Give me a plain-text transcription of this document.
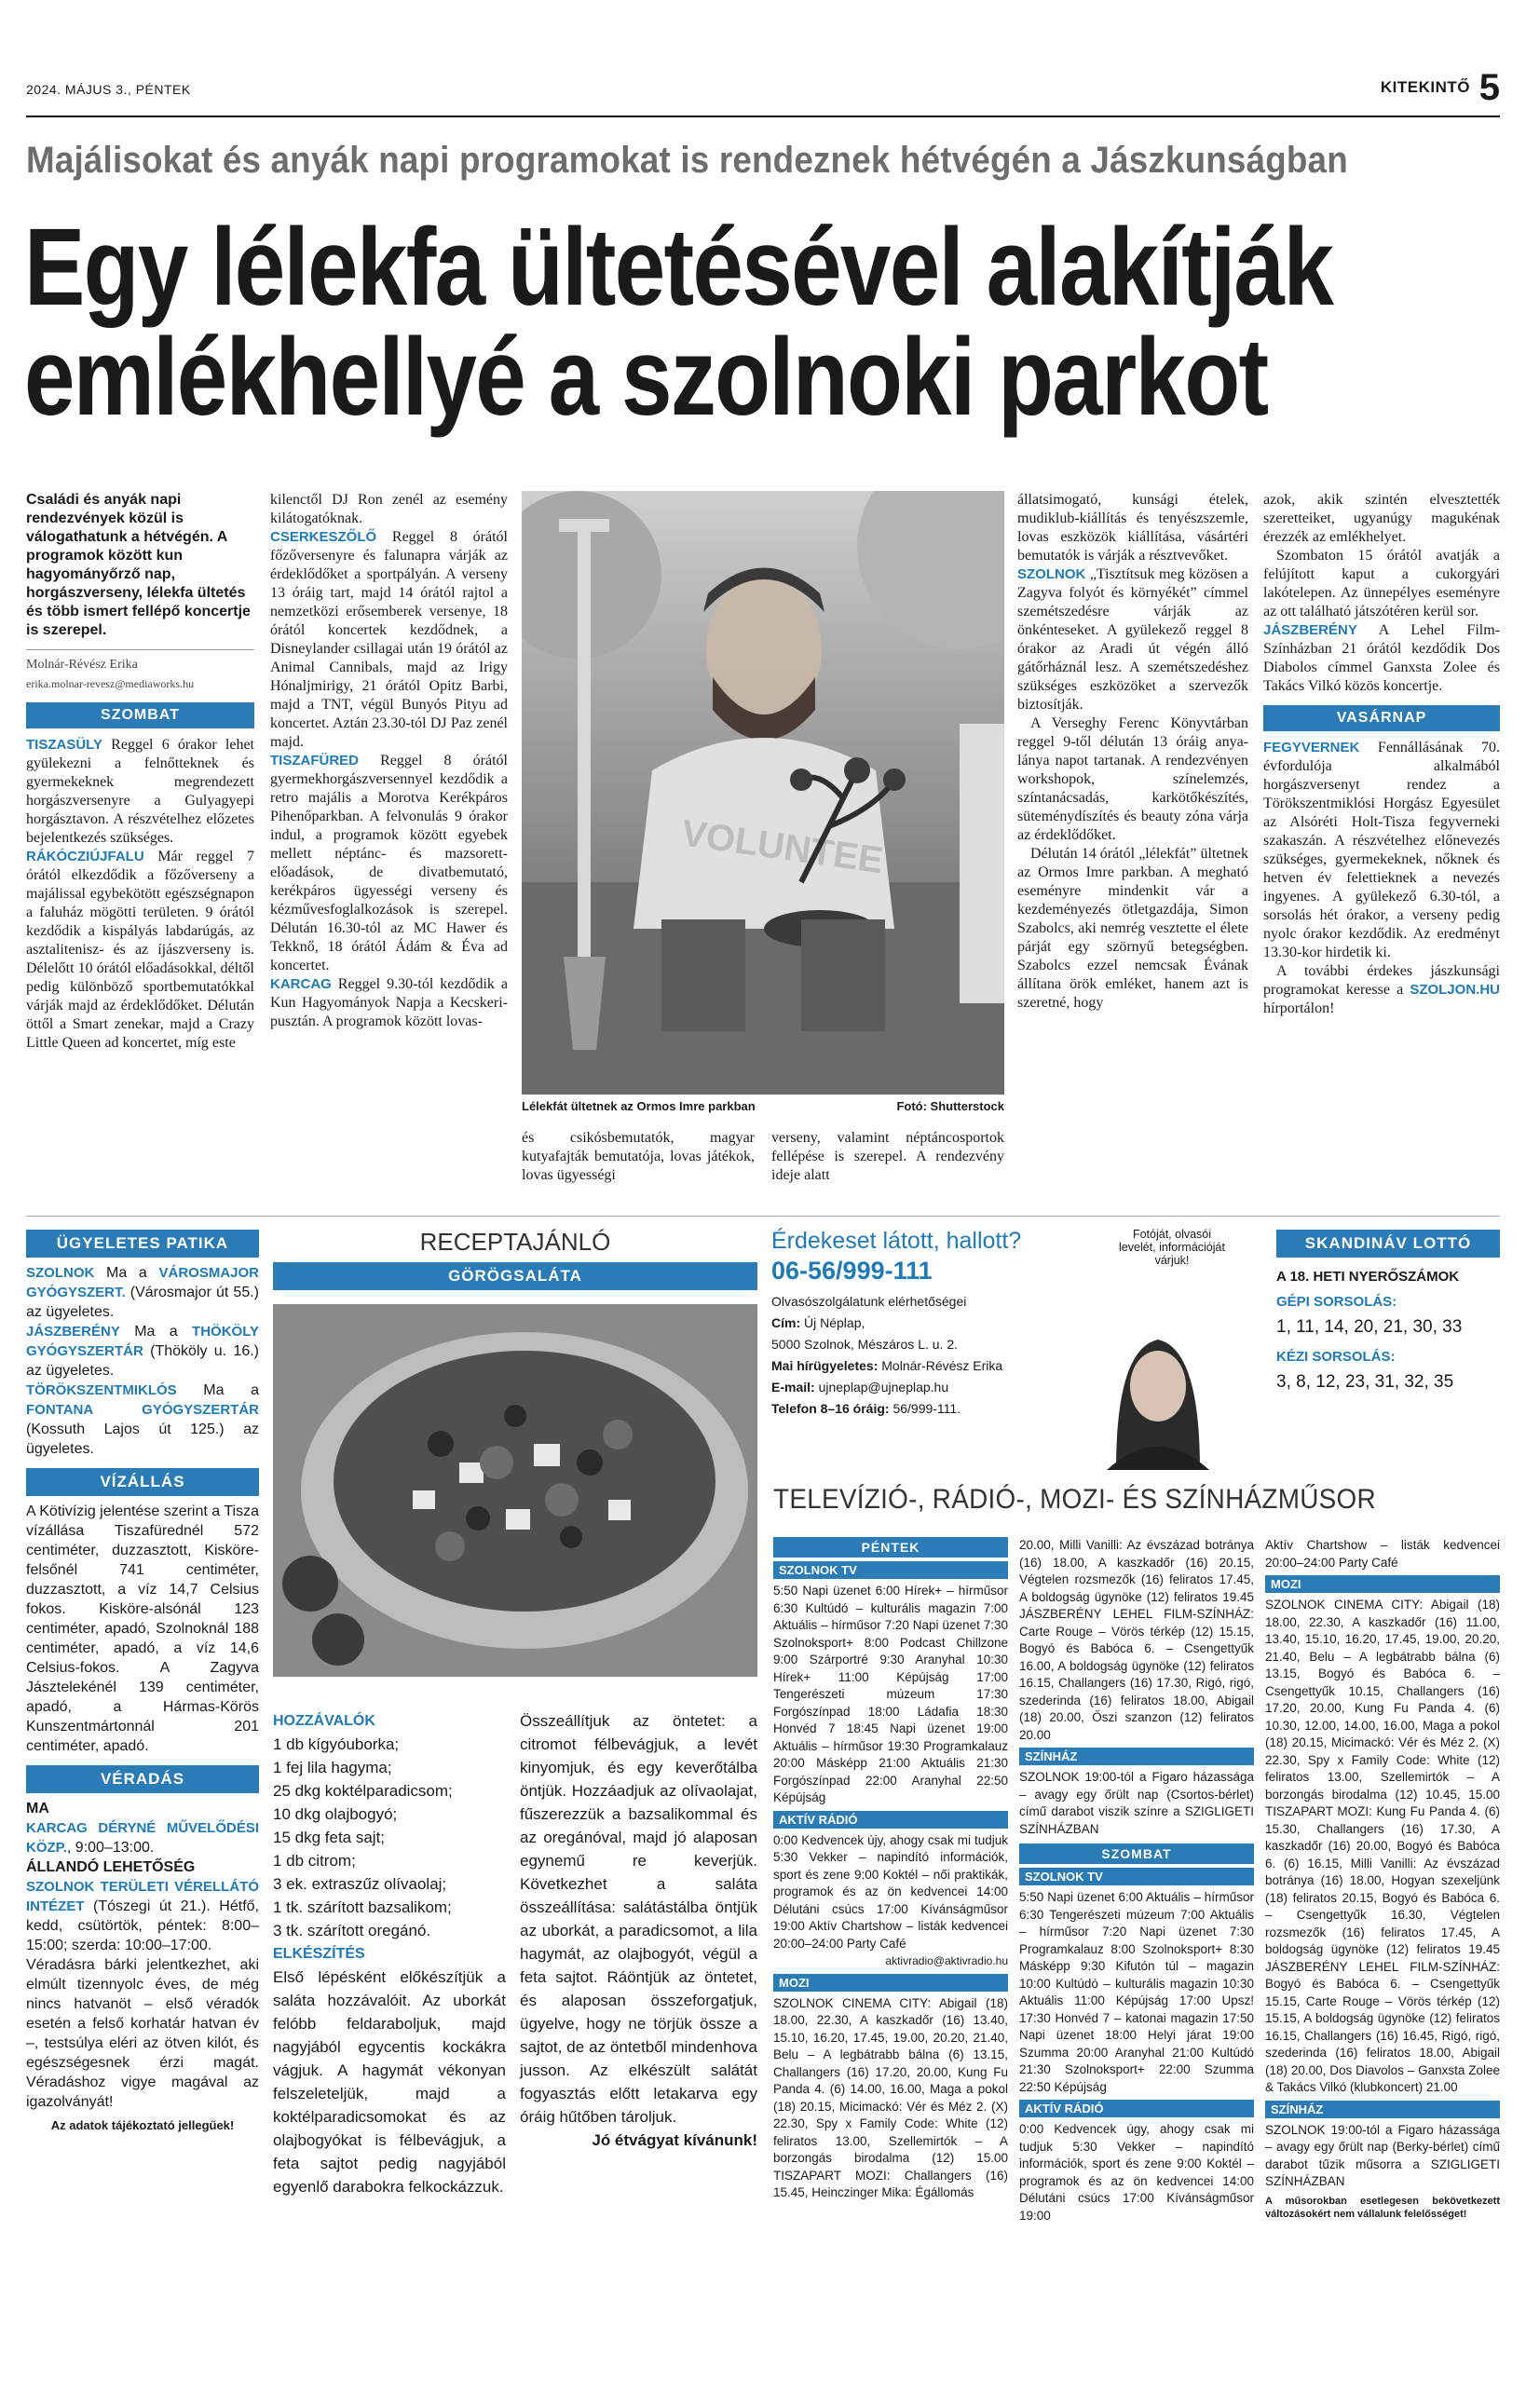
2024. MÁJUS 3., PÉNTEK	KITEKINTŐ 5
Majálisokat és anyák napi programokat is rendeznek hétvégén a Jászkunságban
Egy lélekfa ültetésével alakítják
emlékhellyé a szolnoki parkot

Családi és anyák napi rendezvények közül is válogathatunk a hétvégén. A programok között kun hagyományőrző nap, horgászverseny, lélekfa ültetés és több ismert fellépő koncertje is szerepel.

Molnár-Révész Erika
erika.molnar-revesz@mediaworks.hu
SZOMBAT

TISZASÜLY Reggel 6 órakor lehet gyülekezni a felnőtteknek és gyermekeknek megrendezett horgászversenyre a Gulyagyepi horgásztavon. A részvételhez előzetes bejelentkezés szükséges.

RÁKÓCZIÚJFALU Már reggel 7 órától elkezdődik a főzőverseny a majálissal egybekötött egészségnapon a faluház mögötti területen. 9 órától kezdődik a kispályás labdarúgás, az asztalitenisz- és az íjászverseny is. Délelőtt 10 órától előadásokkal, déltől pedig különböző sportbemutatókkal várják majd az érdeklődőket. Délután öttől a Smart zenekar, majd a Crazy Little Queen ad koncertet, míg este

kilenctől DJ Ron zenél az esemény kilátogatóknak.

CSERKESZŐLŐ Reggel 8 órától főzőversenyre és falunapra várják az érdeklődőket a sportpályán. A verseny 13 óráig tart, majd 14 órától rajtol a nemzetközi erősemberek versenye, 18 órától koncertek kezdődnek, a Disneylander csillagai után 19 órától az Animal Cannibals, majd az Irigy Hónaljmirigy, 21 órától Opitz Barbi, majd a TNT, végül Bunyós Pityu ad koncertet. Aztán 23.30-tól DJ Paz zenél majd.

TISZAFÜRED Reggel 8 órától gyermekhorgászversennyel kezdődik a retro majális a Morotva Kerékpáros Pihenőparkban. A felvonulás 9 órakor indul, a programok között egyebek mellett néptánc- és mazsorett-előadások, de divatbemutató, kerékpáros ügyességi verseny és kézművesfoglalkozások is szerepel. Délután 16.30-tól az MC Hawer és Tekknő, 18 órától Ádám & Éva ad koncertet.

KARCAG Reggel 9.30-tól kezdődik a Kun Hagyományok Napja a Kecskeri-pusztán. A programok között lovas-

VOLUNTEE
Lélekfát ültetnek az Ormos Imre parkban	Fotó: Shutterstock
és csikósbemutatók, magyar kutyafajták bemutatója, lovas játékok, lovas ügyességi
verseny, valamint néptáncosportok fellépése is szerepel. A rendezvény ideje alatt

állatsimogató, kunsági ételek, mudiklub-kiállítás és tenyészszemle, lovas eszközök kiállítása, vásártéri bemutatók is várják a résztvevőket.

SZOLNOK „Tisztítsuk meg közösen a Zagyva folyót és környékét” címmel szemétszedésre várják az önkénteseket. A gyülekező reggel 8 órakor az Aradi út végén álló gátőrháznál lesz. A szemétszedéshez szükséges eszközöket a szervezők biztosítják.

A Verseghy Ferenc Könyvtárban reggel 9-től délután 13 óráig anya-lánya napot tartanak. A rendezvényen workshopok, színelemzés, színtanácsadás, karkötőkészítés, süteménydíszítés és beauty zóna várja az érdeklődőket.

Délután 14 órától „lélekfát” ültetnek az Ormos Imre parkban. A megható eseményre mindenkit vár a kezdeményezés ötletgazdája, Simon Szabolcs, aki nemrég vesztette el élete párját egy szörnyű betegségben. Szabolcs ezzel nemcsak Évának állítana örök emléket, hanem azt is szeretné, hogy

azok, akik szintén elvesztették szeretteiket, ugyanúgy magukénak érezzék az emlékhelyet.

Szombaton 15 órától avatják a felújított kaput a cukorgyári lakótelepen. Az ünnepélyes eseményre az ott található játszótéren kerül sor.

JÁSZBERÉNY A Lehel Film-Színházban 21 órától kezdődik Dos Diabolos címmel Ganxsta Zolee és Takács Vilkó közös koncertje.

VASÁRNAP

FEGYVERNEK Fennállásának 70. évfordulója alkalmából horgászversenyt rendez a Törökszentmiklósi Horgász Egyesület az Alsóréti Holt-Tisza fegyverneki szakaszán. A részvételhez előnevezés szükséges, gyermekeknek, nőknek és hetven év felettieknek a nevezés ingyenes. A gyülekező 6.30-tól, a sorsolás hét órakor, a verseny pedig nyolc órakor kezdődik. Az eredményt 13.30-kor hirdetik ki.

A további érdekes jászkunsági programokat keresse a SZOLJON.HU hírportálon!

ÜGYELETES PATIKA

SZOLNOK Ma a VÁROSMAJOR GYÓGYSZERT. (Városmajor út 55.) az ügyeletes.

JÁSZBERÉNY Ma a THÖKÖLY GYÓGYSZERTÁR (Thököly u. 16.) az ügyeletes.

TÖRÖKSZENTMIKLÓS Ma a FONTANA GYÓGYSZERTÁR (Kossuth Lajos út 125.) az ügyeletes.

VÍZÁLLÁS

A Kötivízig jelentése szerint a Tisza vízállása Tiszafürednél 572 centiméter, duzzasztott, Kisköre-felsőnél 741 centiméter, duzzasztott, a víz 14,7 Celsius fokos. Kisköre-alsónál 123 centiméter, apadó, Szolnoknál 188 centiméter, apadó, a víz 14,6 Celsius-fokos. A Zagyva Jásztelekénél 139 centiméter, apadó, a Hármas-Körös Kunszentmártonnál 201 centiméter, apadó.

VÉRADÁS

MA

KARCAG DÉRYNÉ MŰVELŐDÉSI KÖZP., 9:00–13:00.

ÁLLANDÓ LEHETŐSÉG

SZOLNOK TERÜLETI VÉRELLÁTÓ INTÉZET (Tószegi út 21.). Hétfő, kedd, csütörtök, péntek: 8:00–15:00; szerda: 10:00–17:00.

Véradásra bárki jelentkezhet, aki elmúlt tizennyolc éves, de még nincs hatvanöt – első véradók esetén a felső korhatár hatvan év –, testsúlya eléri az ötven kilót, és egészségesnek érzi magát. Véradáshoz vigye magával az igazolványát!

Az adatok tájékoztató jellegűek!

RECEPTAJÁNLÓ
GÖRÖGSALÁTA
HOZZÁVALÓK
1 db kígyóuborka;
1 fej lila hagyma;
25 dkg koktélparadicsom;
10 dkg olajbogyó;
15 dkg feta sajt;
1 db citrom;
3 ek. extraszűz olívaolaj;
1 tk. szárított bazsalikom;
3 tk. szárított oregánó.
ELKÉSZÍTÉS

Első lépésként előkészítjük a saláta hozzávalóit. Az uborkát felóbb feldaraboljuk, majd nagyjából egycentis kockákra vágjuk. A hagymát vékonyan felszeleteljük, majd a koktélparadicsomokat és az olajbogyókat is félbevágjuk, a feta sajtot pedig nagyjából egyenlő darabokra felkockázzuk.

Összeállítjuk az öntetet: a citromot félbevágjuk, a levét kinyomjuk, és egy keverőtálba öntjük. Hozzáadjuk az olívaolajat, fűszerezzük a bazsalikommal és az oregánóval, majd jó alaposan egynemű re keverjük. Következhet a saláta összeállítása: salátástálba öntjük az uborkát, a paradicsomot, a lila hagymát, az olajbogyót, végül a feta sajtot. Ráöntjük az öntetet, és alaposan összeforgatjuk, ügyelve, hogy ne törjük össze a sajtot, de az öntetből mindenhova jusson. Az elkészült salátát fogyasztás előtt letakarva egy óráig hűtőben tároljuk.

Jó étvágyat kívánunk!

Érdekeset látott, hallott?
06-56/999-111
Fotóját, olvasói levelét, információját várjuk!
Olvasószolgálatunk elérhetőségei
Cím: Új Néplap,
5000 Szolnok, Mészáros L. u. 2.
Mai hírügyeletes: Molnár-Révész Erika
E-mail: ujneplap@ujneplap.hu
Telefon 8–16 óráig: 56/999-111.
SKANDINÁV LOTTÓ
A 18. HETI NYERŐSZÁMOK
GÉPI SORSOLÁS:
1, 11, 14, 20, 21, 30, 33
KÉZI SORSOLÁS:
3, 8, 12, 23, 31, 32, 35
TELEVÍZIÓ-, RÁDIÓ-, MOZI- ÉS SZÍNHÁZMŰSOR
PÉNTEK
SZOLNOK TV

5:50 Napi üzenet 6:00 Hírek+ – hírműsor 6:30 Kultúdó – kulturális magazin 7:00 Aktuális – hírműsor 7:20 Napi üzenet 7:30 Szolnoksport+ 8:00 Podcast Chillzone 9:00 Szárportré 9:30 Aranyhal 10:30 Hírek+ 11:00 Képújság 17:00 Tengerészeti múzeum 17:30 Forgószínpad 18:00 Ládafia 18:30 Honvéd 7 18:45 Napi üzenet 19:00 Aktuális – hírműsor 19:30 Programkalauz 20:00 Másképp 21:00 Aktuális 21:30 Forgószínpad 22:00 Aranyhal 22:50 Képújság

AKTÍV RÁDIÓ

0:00 Kedvencek újy, ahogy csak mi tudjuk 5:30 Vekker – napindító információk, sport és zene 9:00 Koktél – női praktikák, programok és az ön kedvencei 14:00 Délutáni csúcs 17:00 Kívánságműsor 19:00 Aktív Chartshow – listák kedvencei 20:00–24:00 Party Café

aktivradio@aktivradio.hu

MOZI

SZOLNOK CINEMA CITY: Abigail (18) 18.00, 22.30, A kaszkadőr (16) 13.40, 15.10, 16.20, 17.45, 19.00, 20.20, 21.40, Belu – A legbátrabb bálna (6) 13.15, Challangers (16) 17.20, 20.00, Kung Fu Panda 4. (6) 14.00, 16.00, Maga a pokol (18) 20.15, Micimackó: Vér és Méz 2. (X) 22.30, Spy x Family Code: White (12) feliratos 13.00, Szellemirtók – A borzongás birodalma (12) 15.00 TISZAPART MOZI: Challangers (16) 15.45, Heinczinger Mika: Égállomás

20.00, Milli Vanilli: Az évszázad botránya (16) 18.00, A kaszkadőr (16) 20.15, Végtelen rozsmezők (16) feliratos 17.45, A boldogság ügynöke (12) feliratos 19.45 JÁSZBERÉNY LEHEL FILM-SZÍNHÁZ: Carte Rouge – Vörös térkép (12) 15.15, Bogyó és Babóca 6. – Csengettyűk 16.00, A boldogság ügynöke (12) feliratos 16.15, Challangers (16) 17.30, Rigó, rigó, szederinda (16) feliratos 18.00, Abigail (18) 20.00, Őszi szanzon (12) feliratos 20.00

SZÍNHÁZ

SZOLNOK 19:00-tól a Figaro házassága – avagy egy őrült nap (Csortos-bérlet) című darabot viszik színre a SZIGLIGETI SZÍNHÁZBAN

SZOMBAT
SZOLNOK TV

5:50 Napi üzenet 6:00 Aktuális – hírműsor 6:30 Tengerészeti múzeum 7:00 Aktuális – hírműsor 7:20 Napi üzenet 7:30 Programkalauz 8:00 Szolnoksport+ 8:30 Másképp 9:30 Kifutón túl – magazin 10:00 Kultúdó – kulturális magazin 10:30 Aktuális 11:00 Képújság 17:00 Upsz! 17:30 Honvéd 7 – katonai magazin 17:50 Napi üzenet 18:00 Helyi járat 19:00 Szumma 20:00 Aranyhal 21:00 Kultúdó 21:30 Szolnoksport+ 22:00 Szumma 22:50 Képújság

AKTÍV RÁDIÓ

0:00 Kedvencek úgy, ahogy csak mi tudjuk 5:30 Vekker – napindító információk, sport és zene 9:00 Koktél – programok és az ön kedvencei 14:00 Délutáni csúcs 17:00 Kívánságműsor 19:00

Aktív Chartshow – listák kedvencei 20:00–24:00 Party Café

MOZI

SZOLNOK CINEMA CITY: Abigail (18) 18.00, 22.30, A kaszkadőr (16) 11.00, 13.40, 15.10, 16.20, 17.45, 19.00, 20.20, 21.40, Belu – A legbátrabb bálna (6) 13.15, Bogyó és Babóca 6. – Csengettyűk 10.15, Challangers (16) 17.20, 20.00, Kung Fu Panda 4. (6) 10.30, 12.00, 14.00, 16.00, Maga a pokol (18) 20.15, Micimackó: Vér és Méz 2. (X) 22.30, Spy x Family Code: White (12) feliratos 13.00, Szellemirtók – A borzongás birodalma (12) 10.45, 15.00 TISZAPART MOZI: Kung Fu Panda 4. (6) 15.30, Challangers (16) 17.30, A kaszkadőr (16) 20.00, Bogyó és Babóca 6. (6) 16.15, Milli Vanilli: Az évszázad botránya (16) 18.00, Hogyan szexeljünk (18) feliratos 20.15, Bogyó és Babóca 6. – Csengettyűk 16.30, Végtelen rozsmezők (16) feliratos 17.45, A boldogság ügynöke (12) feliratos 19.45 JÁSZBERÉNY LEHEL FILM-SZÍNHÁZ: Bogyó és Babóca 6. – Csengettyűk 15.15, Carte Rouge – Vörös térkép (12) 15.15, A boldogság ügynöke (12) feliratos 16.15, Challangers (16) 16.45, Rigó, rigó, szederinda (16) feliratos 18.00, Abigail (18) 20.00, Dos Diavolos – Ganxsta Zolee & Takács Vilkó (klubkoncert) 21.00

SZÍNHÁZ

SZOLNOK 19:00-tól a Figaro házassága – avagy egy őrült nap (Berky-bérlet) című darabot tűzik műsorra a SZIGLIGETI SZÍNHÁZBAN

A műsorokban esetlegesen bekövetkezett változásokért nem vállalunk felelősséget!
